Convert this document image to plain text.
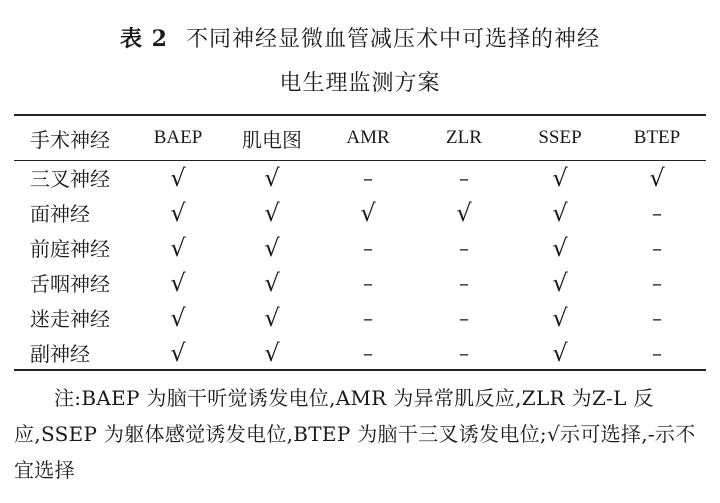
表 2 不同神经显微血管减压术中可选择的神经
电生理监测方案
手术神经	BAEP	肌电图	AMR	ZLR	SSEP	BTEP
三叉神经	√	√	–	–	√	√
面神经	√	√	√	√	√	–
前庭神经	√	√	–	–	√	–
舌咽神经	√	√	–	–	√	–
迷走神经	√	√	–	–	√	–
副神经	√	√	–	–	√	–
注:BAEP 为脑干听觉诱发电位,AMR 为异常肌反应,ZLR 为Z-L 反应,SSEP 为躯体感觉诱发电位,BTEP 为脑干三叉诱发电位;√示可选择,-示不宜选择
